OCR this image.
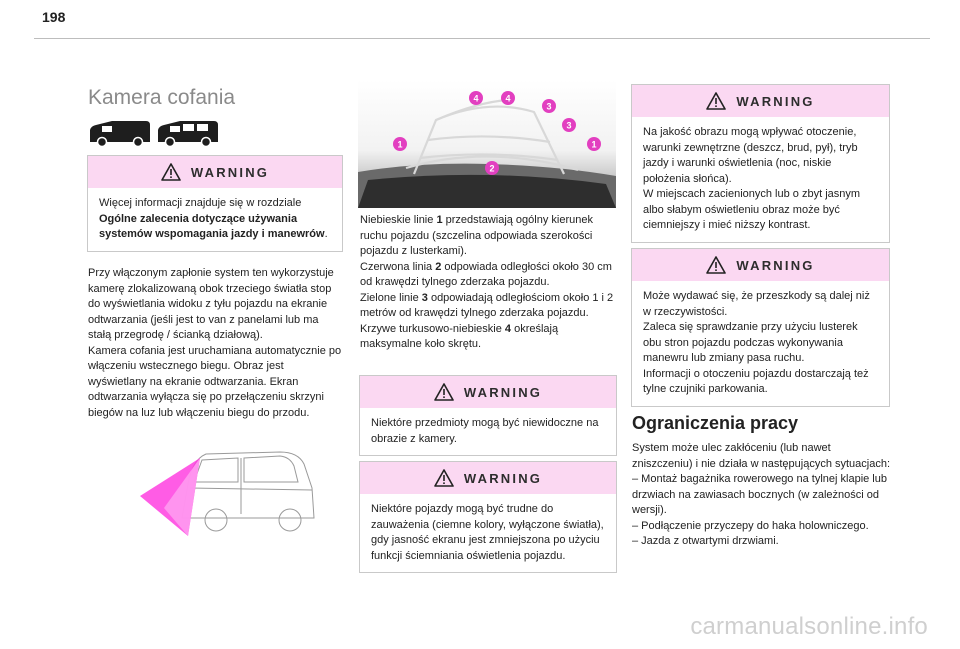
198
Kamera cofania
WARNING
Więcej informacji znajduje się w rozdziale Ogólne zalecenia dotyczące używania systemów wspomagania jazdy i manewrów.

Przy włączonym zapłonie system ten wykorzystuje kamerę zlokalizowaną obok trzeciego światła stop do wyświetlania widoku z tyłu pojazdu na ekranie odtwarzania (jeśli jest to van z panelami lub ma stałą przegrodę / ścianką działową).

Kamera cofania jest uruchamiana automatycznie po włączeniu wstecznego biegu. Obraz jest wyświetlany na ekranie odtwarzania. Ekran odtwarzania wyłącza się po przełączeniu skrzyni biegów na luz lub włączeniu biegu do przodu.

4	4
3
3
1	1
2

Niebieskie linie 1 przedstawiają ogólny kierunek ruchu pojazdu (szczelina odpowiada szerokości pojazdu z lusterkami).

Czerwona linia 2 odpowiada odległości około 30 cm od krawędzi tylnego zderzaka pojazdu.

Zielone linie 3 odpowiadają odległościom około 1 i 2 metrów od krawędzi tylnego zderzaka pojazdu.

Krzywe turkusowo-niebieskie 4 określają maksymalne koło skrętu.

WARNING
Niektóre przedmioty mogą być niewidoczne na obrazie z kamery.
WARNING
Niektóre pojazdy mogą być trudne do zauważenia (ciemne kolory, wyłączone światła), gdy jasność ekranu jest zmniejszona po użyciu funkcji ściemniania oświetlenia pojazdu.
WARNING
Na jakość obrazu mogą wpływać otoczenie, warunki zewnętrzne (deszcz, brud, pył), tryb jazdy i warunki oświetlenia (noc, niskie położenia słońca).
W miejscach zacienionych lub o zbyt jasnym albo słabym oświetleniu obraz może być ciemniejszy i mieć niższy kontrast.
WARNING
Może wydawać się, że przeszkody są dalej niż w rzeczywistości.
Zaleca się sprawdzanie przy użyciu lusterek obu stron pojazdu podczas wykonywania manewru lub zmiany pasa ruchu.
Informacji o otoczeniu pojazdu dostarczają też tylne czujniki parkowania.
Ograniczenia pracy

System może ulec zakłóceniu (lub nawet zniszczeniu) i nie działa w następujących sytuacjach:

– Montaż bagażnika rowerowego na tylnej klapie lub drzwiach na zawiasach bocznych (w zależności od wersji).

– Podłączenie przyczepy do haka holowniczego.

– Jazda z otwartymi drzwiami.

carmanualsonline.info
